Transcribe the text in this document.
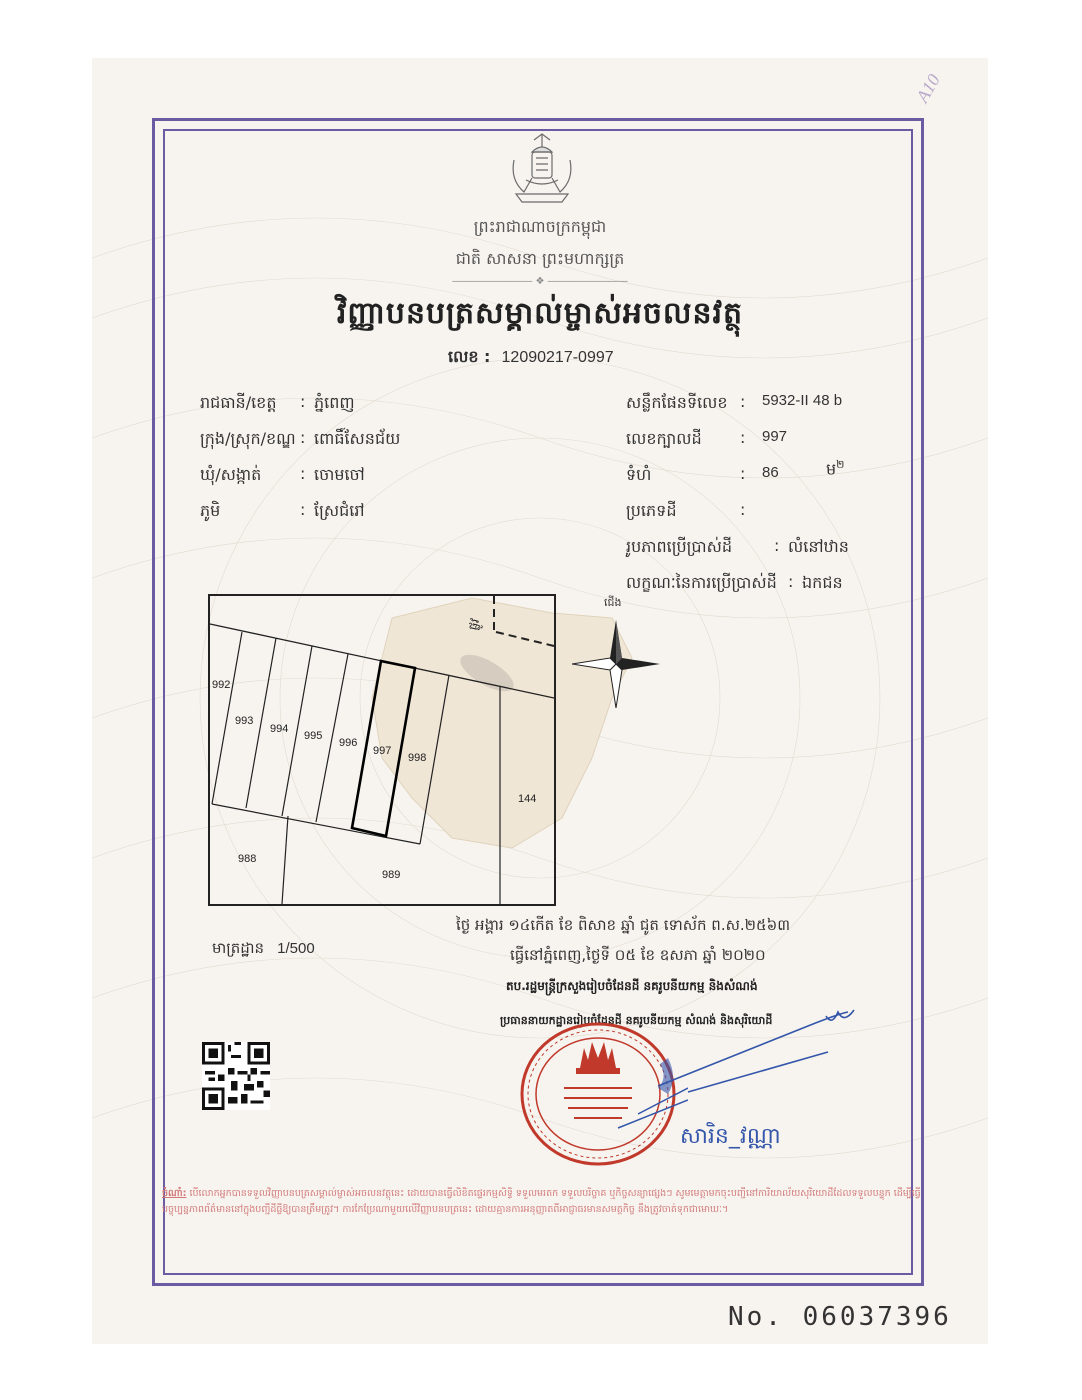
A10
ព្រះរាជាណាចក្រកម្ពុជា
ជាតិ សាសនា ព្រះមហាក្សត្រ
―――――――― ❖ ――――――――
វិញ្ញាបនបត្រសម្គាល់ម្ចាស់អចលនវត្ថុ
លេខ : 12090217-0997
រាជធានី/ខេត្ត : ភ្នំពេញ
ក្រុង/ស្រុក/ខណ្ឌ : ពោធិ៍សែនជ័យ
ឃុំ/សង្កាត់ : ចោមចៅ
ភូមិ	: ស្រែជំរៅ
សន្លឹកផែនទីលេខ : 5932-II 48 b
លេខក្បាលដី : 997
ទំហំ	: 86	ម$^២$
ប្រភេទដី	:
រូបភាពប្រើប្រាស់ដី	: លំនៅឋាន
លក្ខណៈនៃការប្រើប្រាស់ដី : ឯកជន
992
993
994
995
996
997
998
144
988
989
ផ្លូវ
ជើង
មាត្រដ្ឋាន 1/500
ថ្ងៃ អង្គារ ១៤កើត ខែ ពិសាខ ឆ្នាំ ជូត ទោស័ក ព.ស.២៥៦៣
ធ្វើនៅភ្នំពេញ,ថ្ងៃទី ០៥ ខែ ឧសភា ឆ្នាំ ២០២០
តប.រដ្ឋមន្ត្រីក្រសួងរៀបចំដែនដី នគរូបនីយកម្ម និងសំណង់
ប្រធាននាយកដ្ឋានរៀបចំដែនដី នគរូបនីយកម្ម សំណង់ និងសុរិយោដី
សារិន_វណ្ណា
ចំណាំ: បើលោកអ្នកបានទទួលវិញ្ញាបនបត្រសម្គាល់ម្ចាស់អចលនវត្ថុនេះ ដោយបានធ្វើលិខិតផ្ទេរកម្មសិទ្ធិ ទទួលមរតក ទទួលបរិច្ចាគ ឬកិច្ចសន្យាផ្សេងៗ សូមមេត្តាមកចុះបញ្ជីនៅការិយាល័យសុរិយោដីដែលទទួលបន្ទុក ដើម្បីធ្វើបច្ចុប្បន្នភាពព័ត៌មាននៅក្នុងបញ្ជីដីធ្លីឱ្យបានត្រឹមត្រូវ។ ការកែប្រែណាមួយលើវិញ្ញាបនបត្រនេះ ដោយគ្មានការអនុញ្ញាតពីអាជ្ញាធរមានសមត្ថកិច្ច នឹងត្រូវចាត់ទុកជាមោឃៈ។
No. 06037396
